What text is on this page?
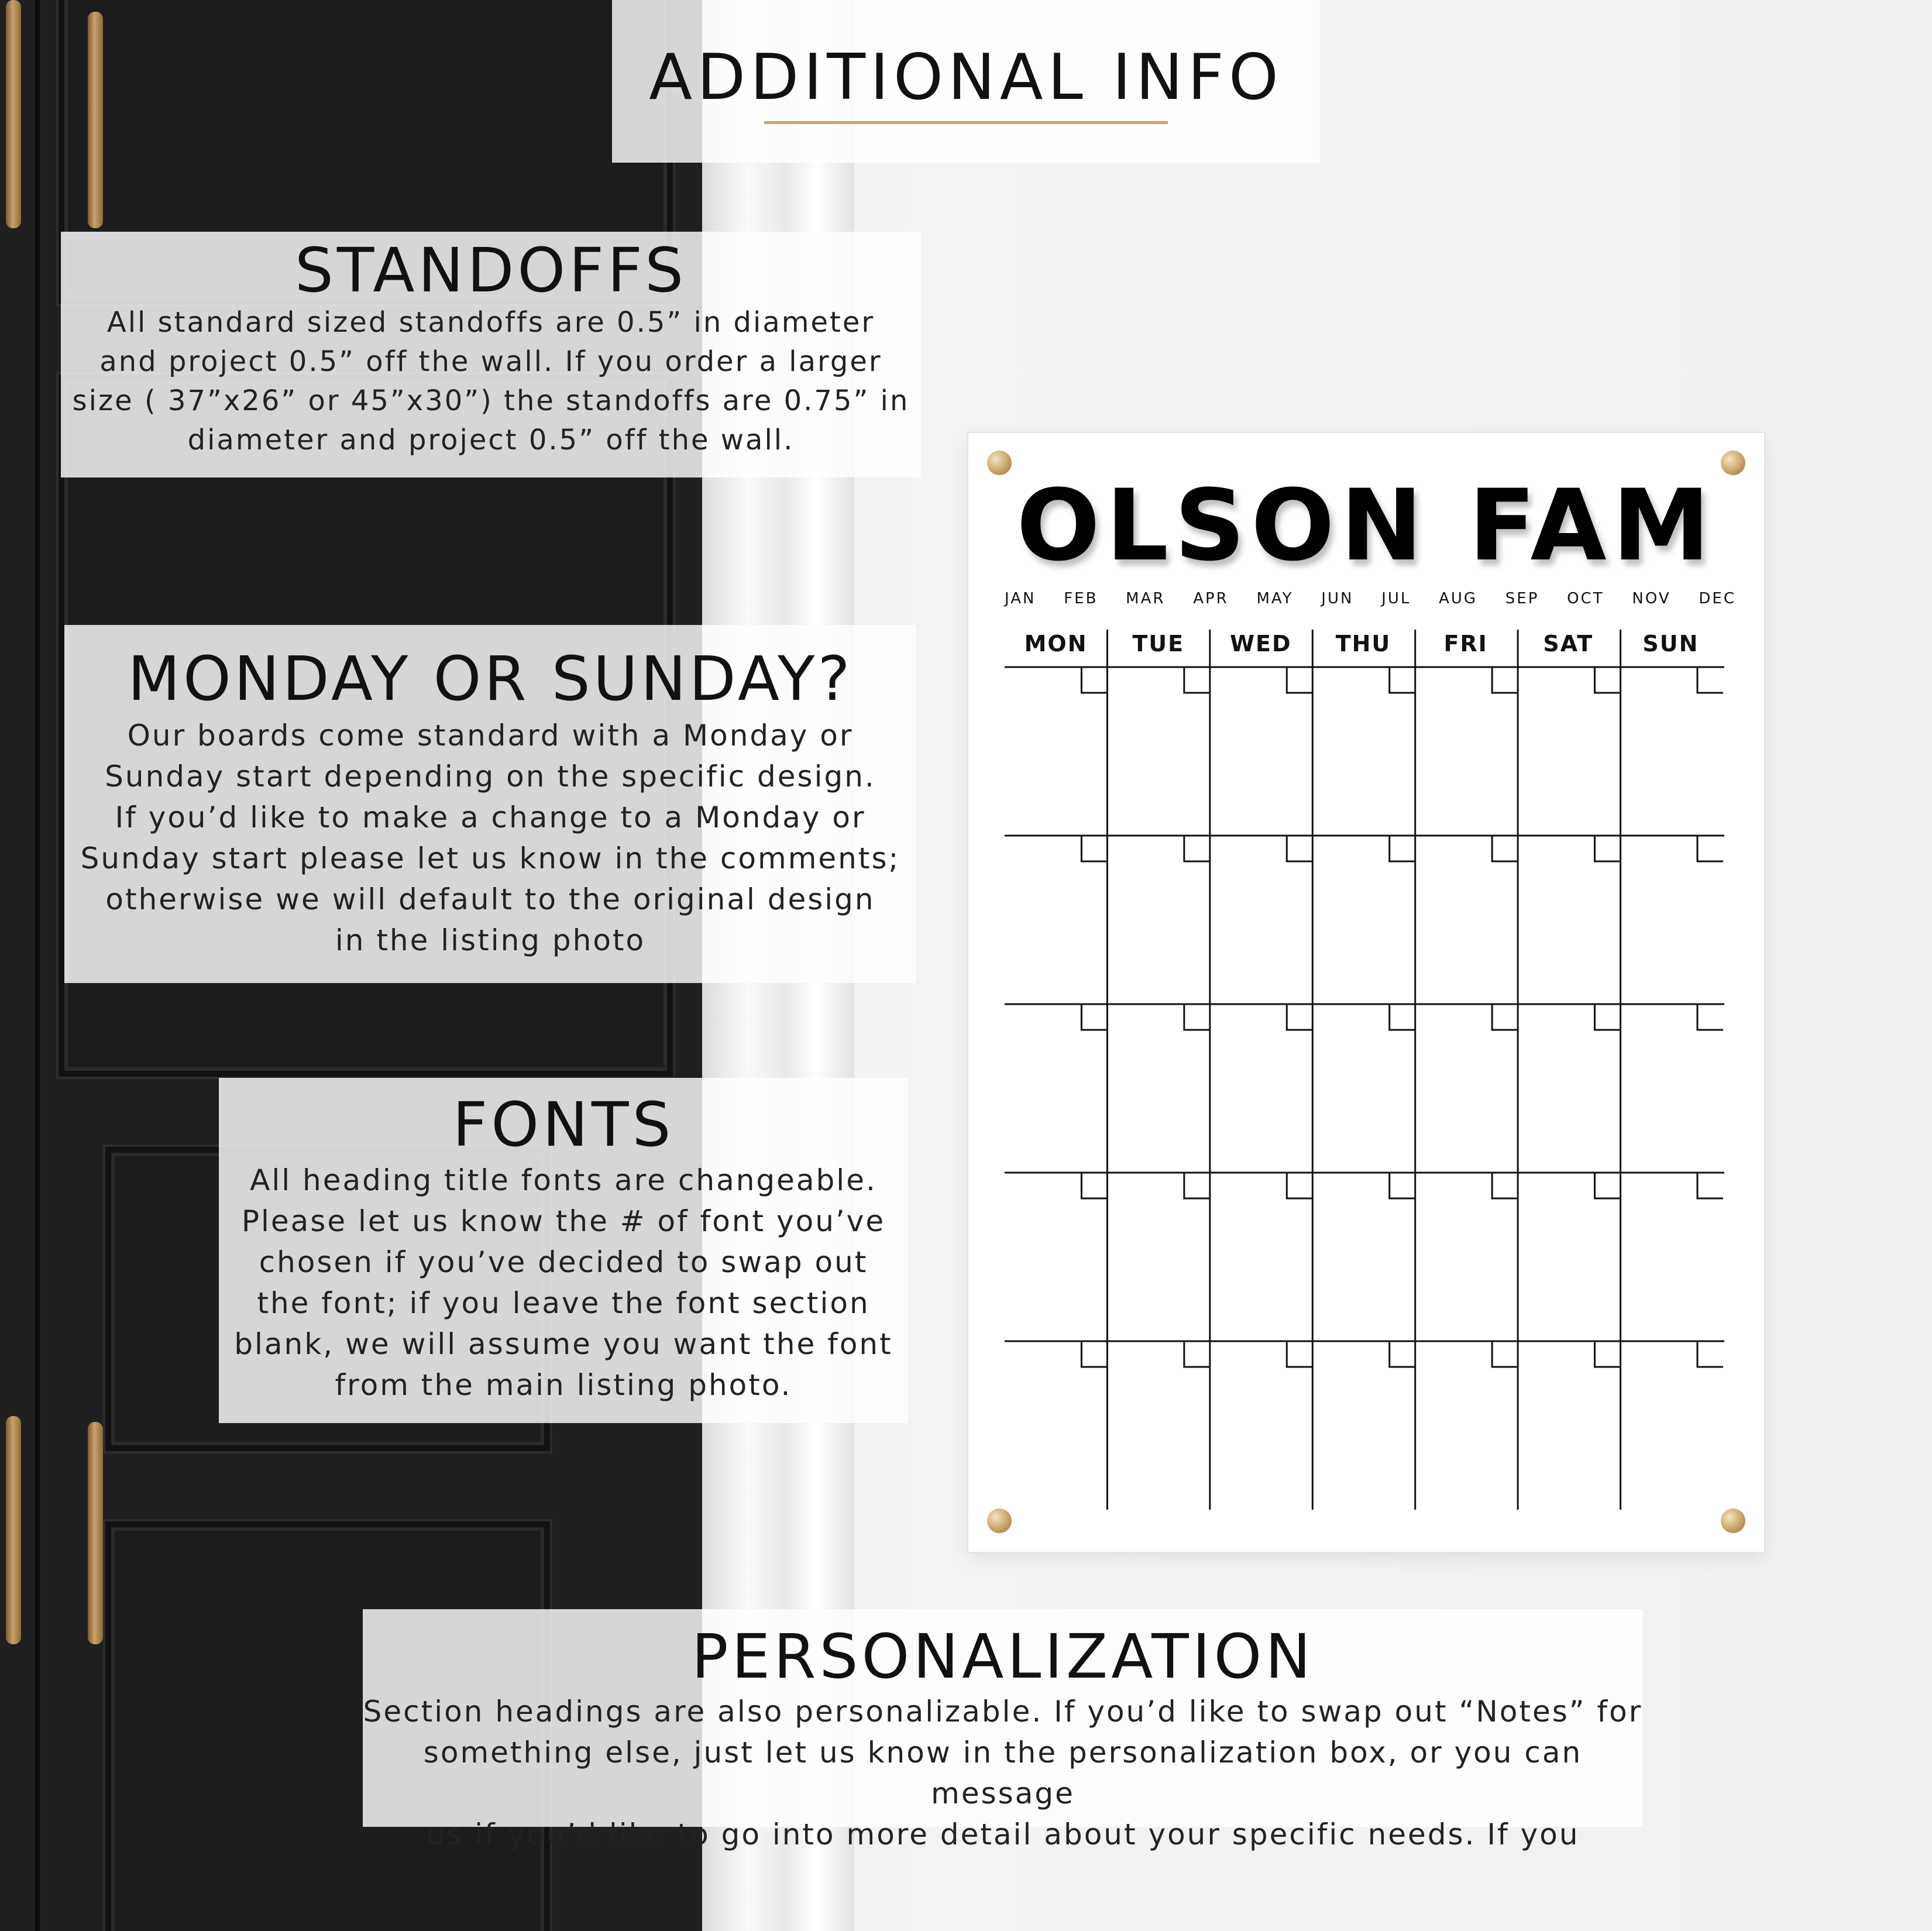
ADDITIONAL INFO
STANDOFFS

All standard sized standoffs are 0.5” in diameter
and project 0.5” off the wall. If you order a larger
size ( 37”x26” or 45”x30”) the standoffs are 0.75” in
diameter and project 0.5” off the wall.

MONDAY OR SUNDAY?

Our boards come standard with a Monday or
Sunday start depending on the specific design.
If you’d like to make a change to a Monday or
Sunday start please let us know in the comments;
otherwise we will default to the original design
in the listing photo

FONTS

All heading title fonts are changeable.
Please let us know the # of font you’ve
chosen if you’ve decided to swap out
the font; if you leave the font section
blank, we will assume you want the font
from the main listing photo.

PERSONALIZATION

Section headings are also personalizable. If you’d like to swap out “Notes” for
something else, just let us know in the personalization box, or you can message
us if you’d like to go into more detail about your specific needs. If you

OLSON FAM
JAN FEB MAR APR MAY JUN JUL AUG SEP OCT NOV DEC
MON	TUE	WED	THU	FRI	SAT	SUN
